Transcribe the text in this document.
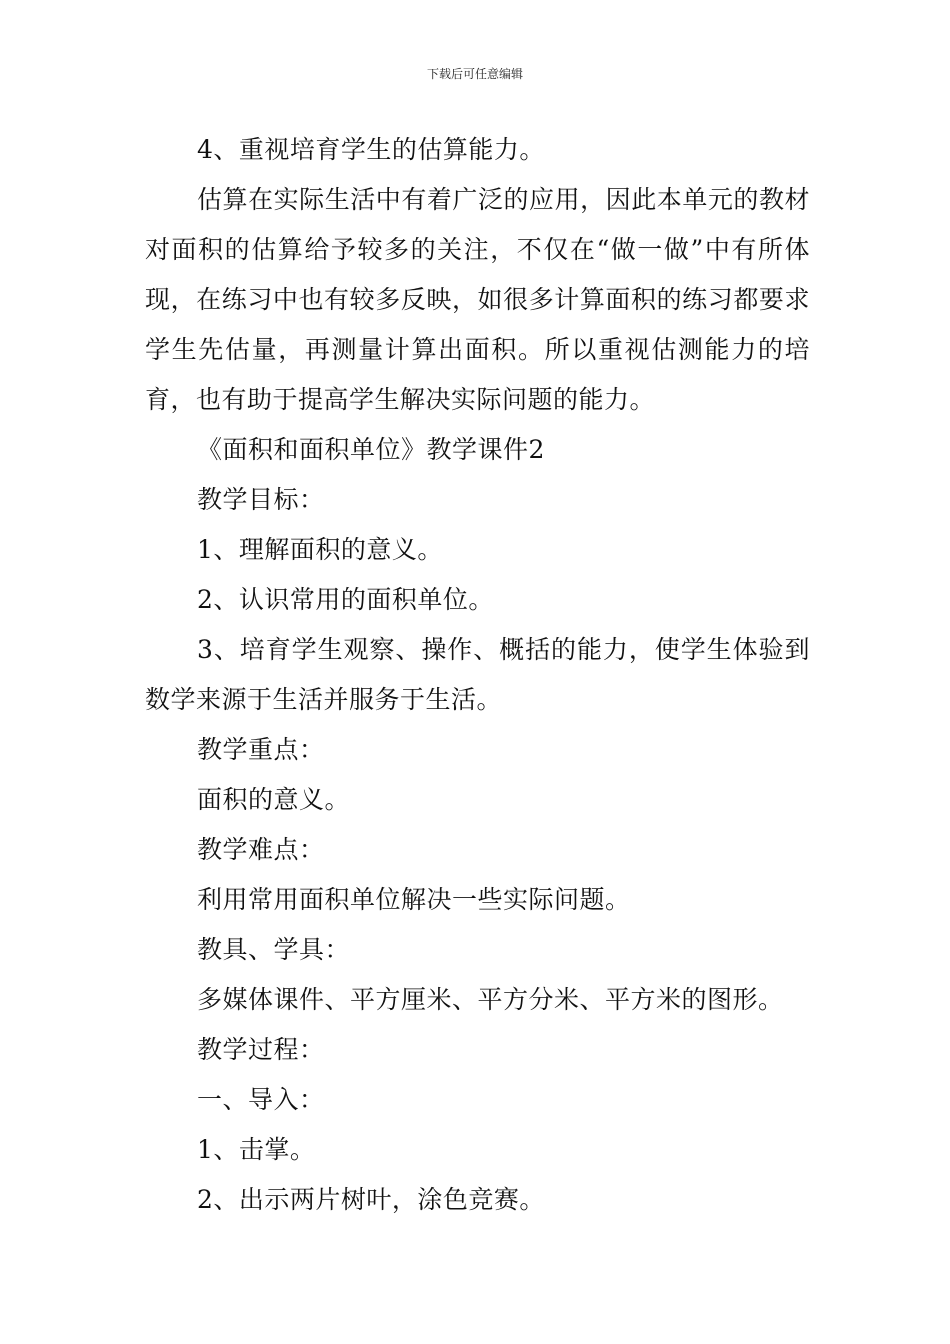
下载后可任意编辑

4、重视培育学生的估算能力。

估算在实际生活中有着广泛的应用，因此本单元的教材对面积的估算给予较多的关注，不仅在“做一做”中有所体现，在练习中也有较多反映，如很多计算面积的练习都要求学生先估量，再测量计算出面积。所以重视估测能力的培育，也有助于提高学生解决实际问题的能力。

《面积和面积单位》教学课件2

教学目标：

1、理解面积的意义。

2、认识常用的面积单位。

3、培育学生观察、操作、概括的能力，使学生体验到数学来源于生活并服务于生活。

教学重点：

面积的意义。

教学难点：

利用常用面积单位解决一些实际问题。

教具、学具：

多媒体课件、平方厘米、平方分米、平方米的图形。

教学过程：

一、导入：

1、击掌。

2、出示两片树叶，涂色竞赛。
